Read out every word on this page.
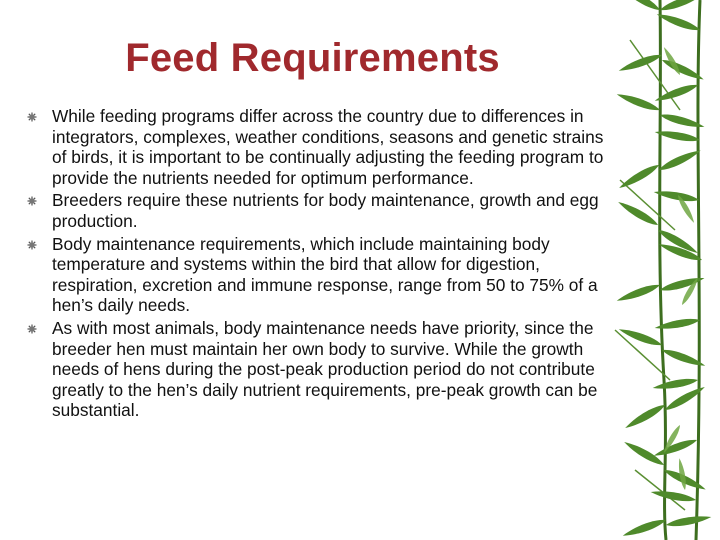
Feed Requirements
While feeding programs differ across the country due to differences in integrators, complexes, weather conditions, seasons and genetic strains of birds, it is important to be continually adjusting the feeding program to provide the nutrients needed for optimum performance.
Breeders require these nutrients for body maintenance, growth and egg production.
Body maintenance requirements, which include maintaining body temperature and systems within the bird that allow for digestion, respiration, excretion and immune response, range from 50 to 75% of a hen’s daily needs.
As with most animals, body maintenance needs have priority, since the breeder hen must maintain her own body to survive. While the growth needs of hens during the post-peak production period do not contribute greatly to the hen’s daily nutrient requirements, pre-peak growth can be substantial.
